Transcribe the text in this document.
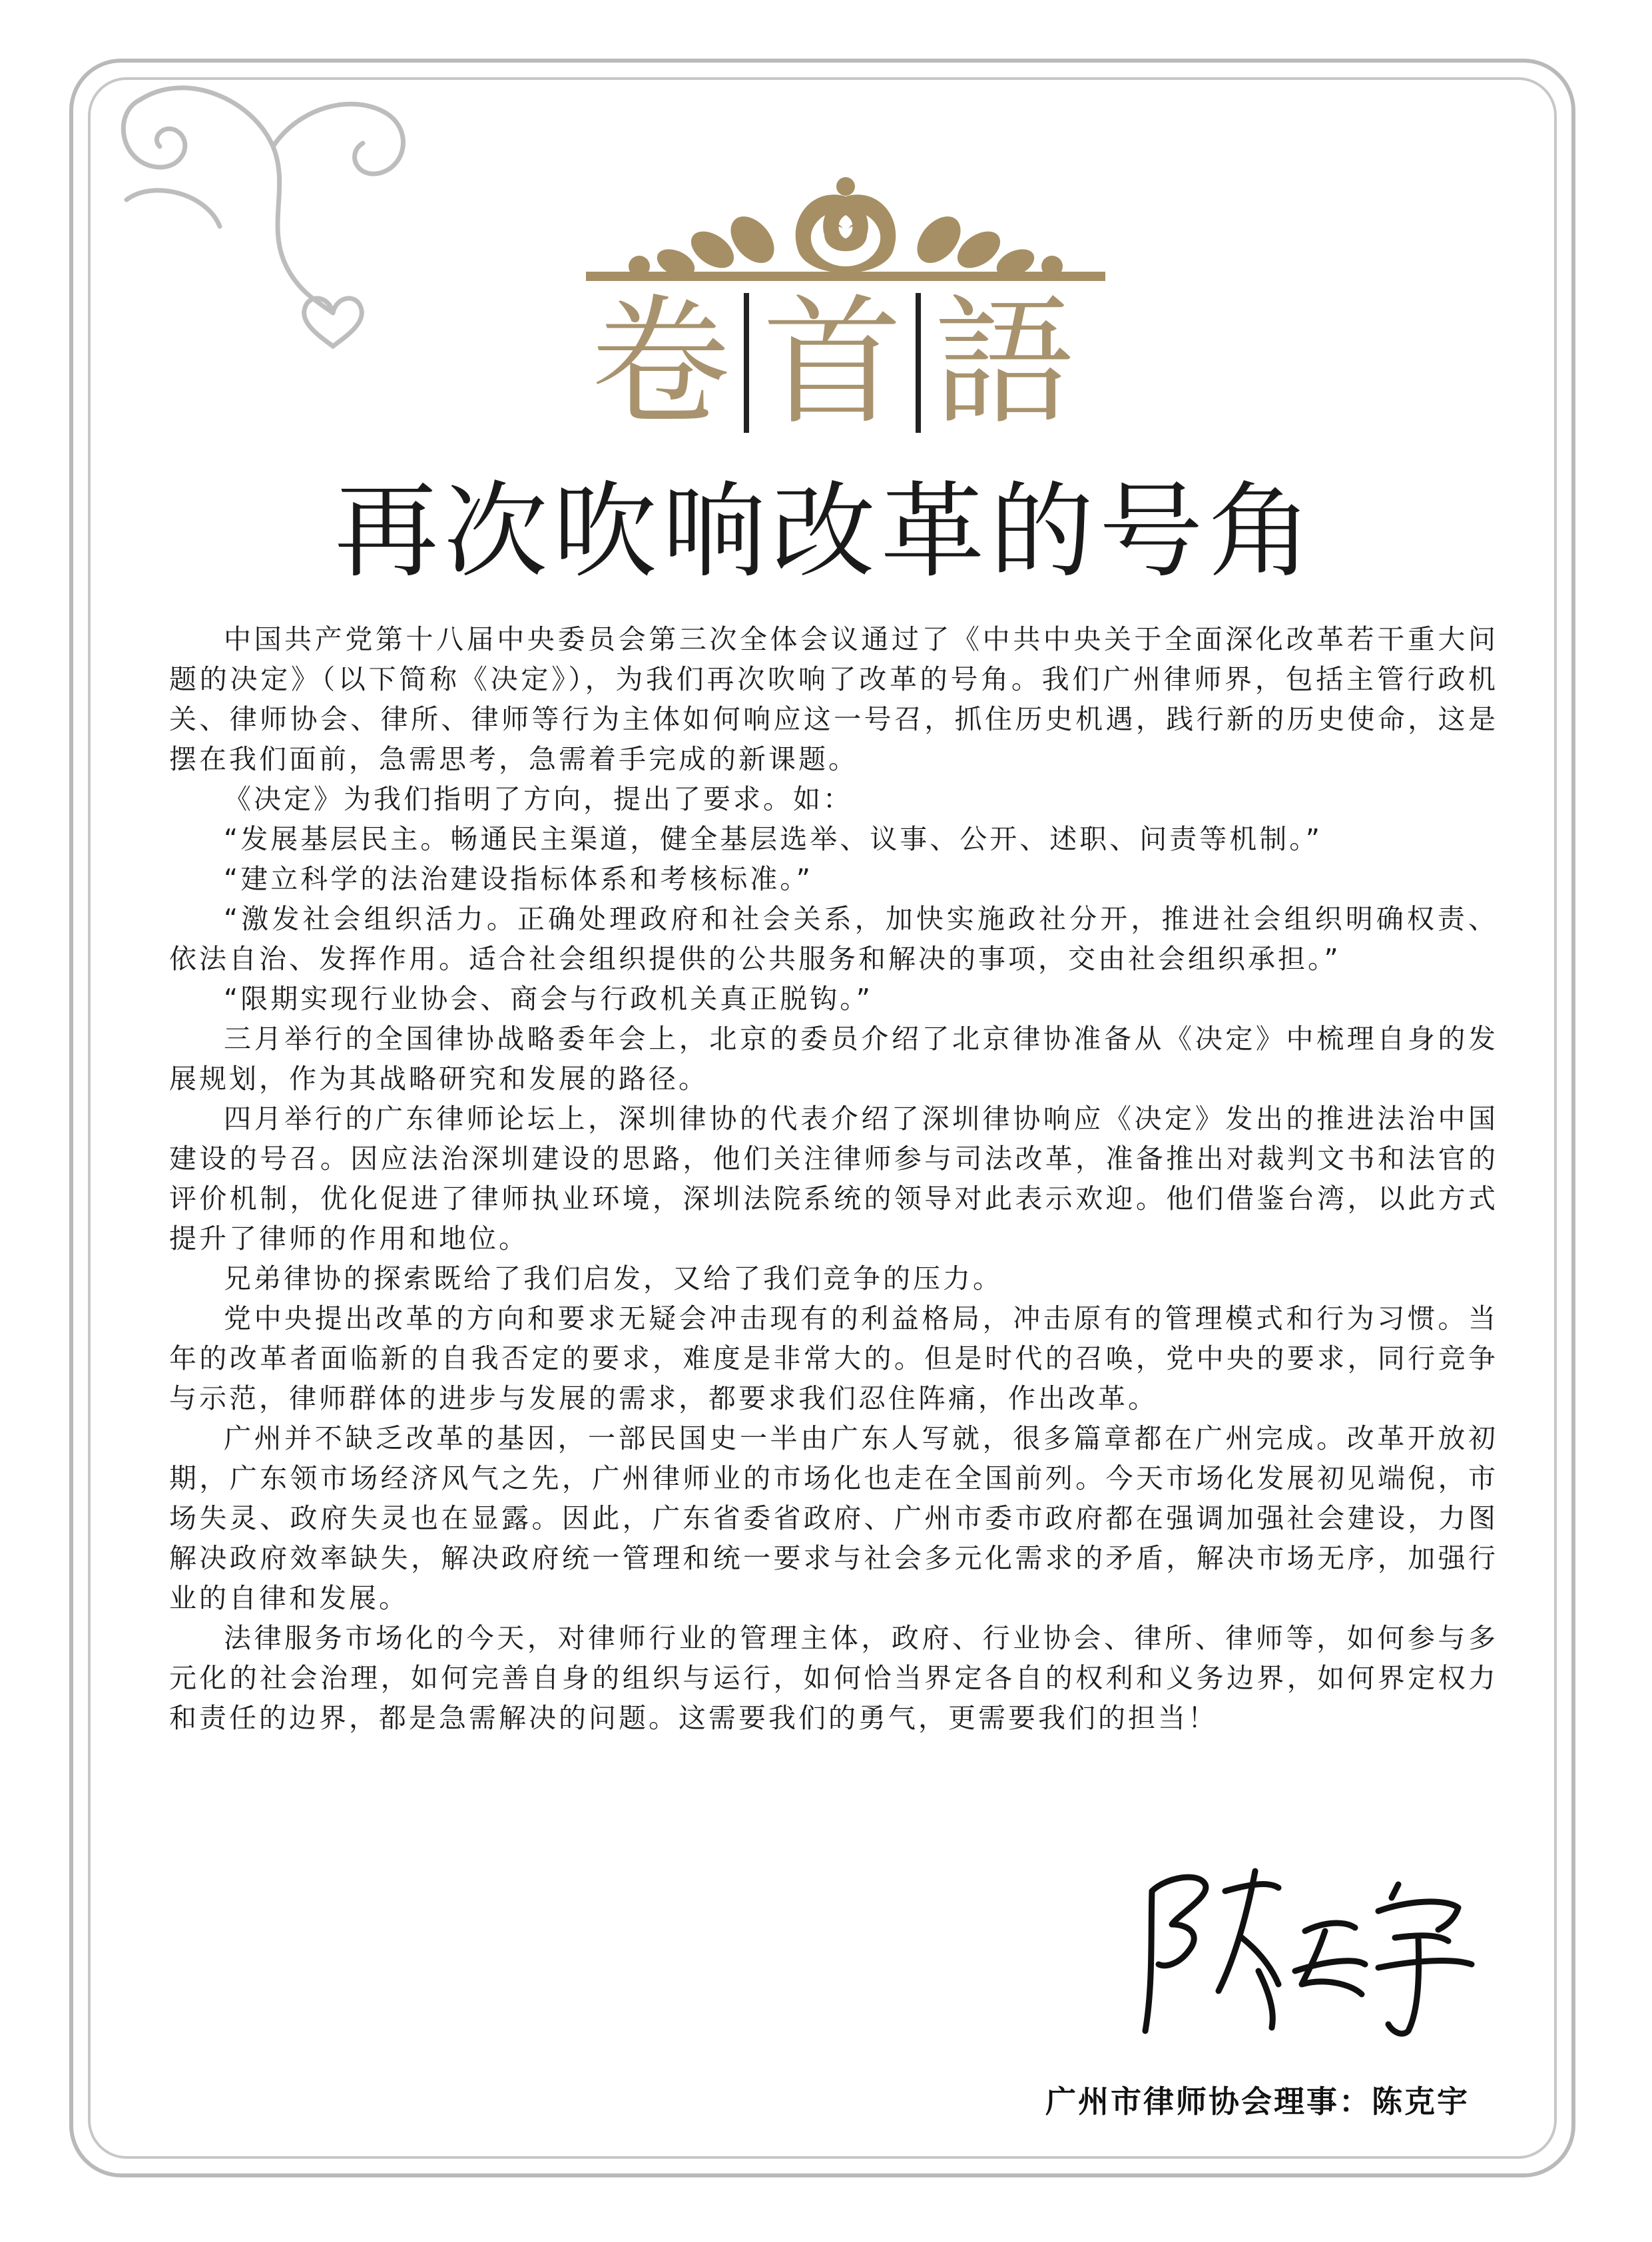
卷 首 語
再次吹响改革的号角

中国共产党第十八届中央委员会第三次全体会议通过了《中共中央关于全面深化改革若干重大问题的决定》（以下简称《决定》），为我们再次吹响了改革的号角。我们广州律师界，包括主管行政机关、律师协会、律所、律师等行为主体如何响应这一号召，抓住历史机遇，践行新的历史使命，这是摆在我们面前，急需思考，急需着手完成的新课题。

《决定》为我们指明了方向，提出了要求。如：

“发展基层民主。畅通民主渠道，健全基层选举、议事、公开、述职、问责等机制。”

“建立科学的法治建设指标体系和考核标准。”

“激发社会组织活力。正确处理政府和社会关系，加快实施政社分开，推进社会组织明确权责、依法自治、发挥作用。适合社会组织提供的公共服务和解决的事项，交由社会组织承担。”

“限期实现行业协会、商会与行政机关真正脱钩。”

三月举行的全国律协战略委年会上，北京的委员介绍了北京律协准备从《决定》中梳理自身的发展规划，作为其战略研究和发展的路径。

四月举行的广东律师论坛上，深圳律协的代表介绍了深圳律协响应《决定》发出的推进法治中国建设的号召。因应法治深圳建设的思路，他们关注律师参与司法改革，准备推出对裁判文书和法官的评价机制，优化促进了律师执业环境，深圳法院系统的领导对此表示欢迎。他们借鉴台湾，以此方式提升了律师的作用和地位。

兄弟律协的探索既给了我们启发，又给了我们竞争的压力。

党中央提出改革的方向和要求无疑会冲击现有的利益格局，冲击原有的管理模式和行为习惯。当年的改革者面临新的自我否定的要求，难度是非常大的。但是时代的召唤，党中央的要求，同行竞争与示范，律师群体的进步与发展的需求，都要求我们忍住阵痛，作出改革。

广州并不缺乏改革的基因，一部民国史一半由广东人写就，很多篇章都在广州完成。改革开放初期，广东领市场经济风气之先，广州律师业的市场化也走在全国前列。今天市场化发展初见端倪，市场失灵、政府失灵也在显露。因此，广东省委省政府、广州市委市政府都在强调加强社会建设，力图解决政府效率缺失，解决政府统一管理和统一要求与社会多元化需求的矛盾，解决市场无序，加强行业的自律和发展。

法律服务市场化的今天，对律师行业的管理主体，政府、行业协会、律所、律师等，如何参与多元化的社会治理，如何完善自身的组织与运行，如何恰当界定各自的权利和义务边界，如何界定权力和责任的边界，都是急需解决的问题。这需要我们的勇气，更需要我们的担当！

广州市律师协会理事：陈克宇
